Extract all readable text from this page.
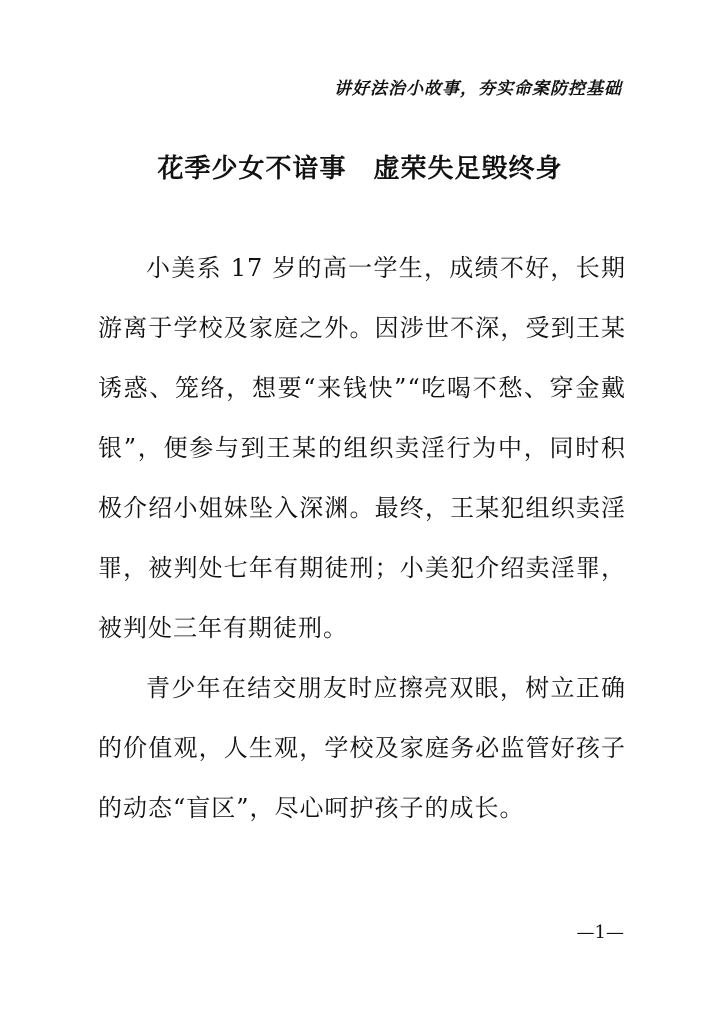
讲好法治小故事，夯实命案防控基础
花季少女不谙事　虚荣失足毁终身

小美系 17 岁的高一学生，成绩不好，长期游离于学校及家庭之外。因涉世不深，受到王某诱惑、笼络，想要“来钱快”“吃喝不愁、穿金戴银”，便参与到王某的组织卖淫行为中，同时积极介绍小姐妹坠入深渊。最终，王某犯组织卖淫罪，被判处七年有期徒刑；小美犯介绍卖淫罪，被判处三年有期徒刑。

青少年在结交朋友时应擦亮双眼，树立正确的价值观，人生观，学校及家庭务必监管好孩子的动态“盲区”，尽心呵护孩子的成长。

—1—
